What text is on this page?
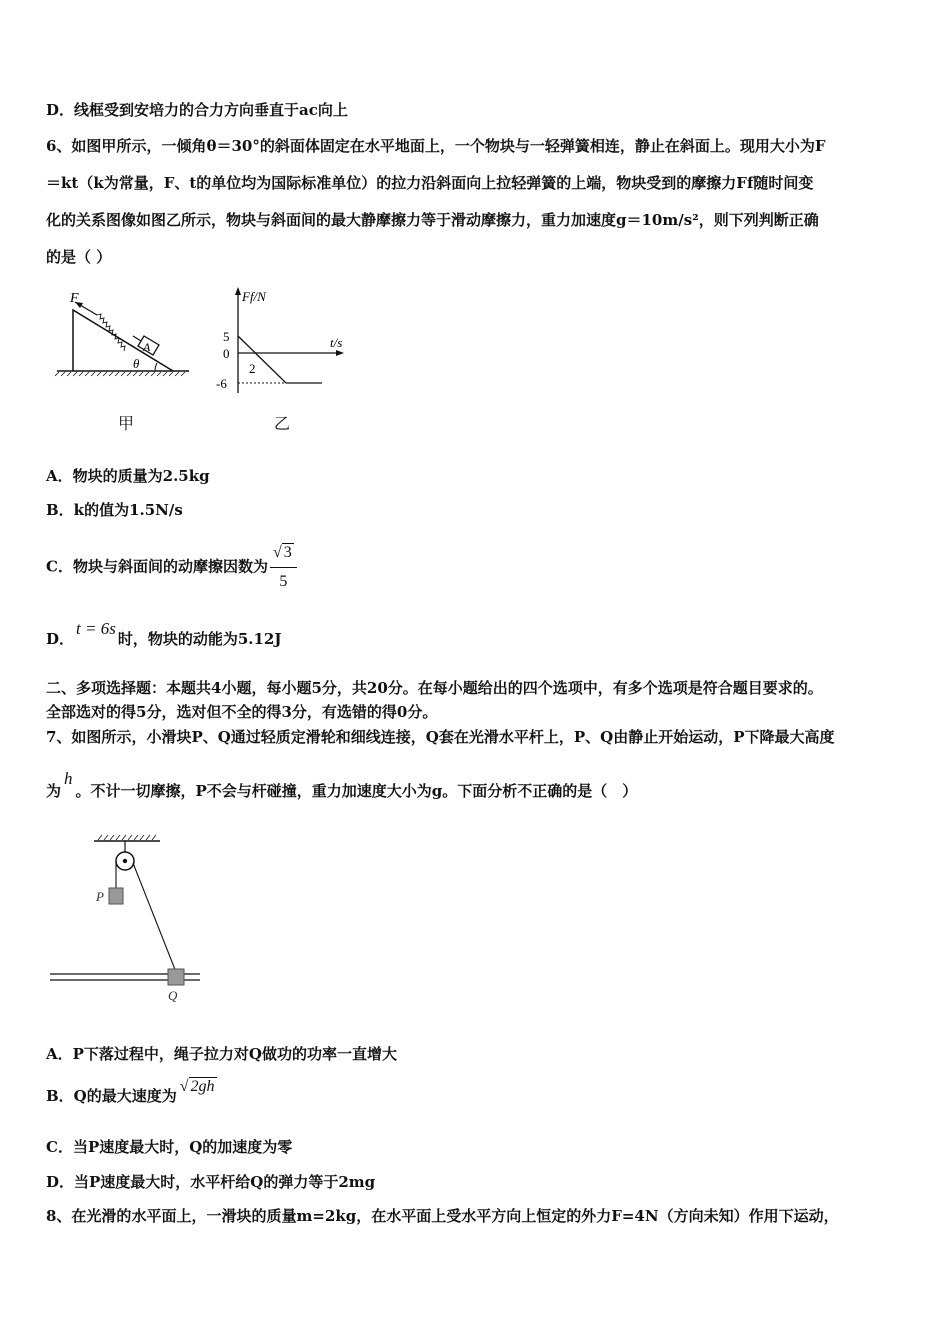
D．线框受到安培力的合力方向垂直于ac向上
6、如图甲所示，一倾角θ＝30°的斜面体固定在水平地面上，一个物块与一轻弹簧相连，静止在斜面上。现用大小为F
＝kt（k为常量，F、t的单位均为国际标准单位）的拉力沿斜面向上拉轻弹簧的上端，物块受到的摩擦力Ff随时间变
化的关系图像如图乙所示，物块与斜面间的最大静摩擦力等于滑动摩擦力，重力加速度g＝10m/s²，则下列判断正确
的是（ ）
F
A
θ
甲
Ff/N
t/s
5
0
2
-6
乙
A．物块的质量为2.5kg
B．k的值为1.5N/s
C．物块与斜面间的动摩擦因数为 $\frac{√ 3}{5}$
D．t = 6s时，物块的动能为5.12J
二、多项选择题：本题共4小题，每小题5分，共20分。在每小题给出的四个选项中，有多个选项是符合题目要求的。
全部选对的得5分，选对但不全的得3分，有选错的得0分。
7、如图所示，小滑块P、Q通过轻质定滑轮和细线连接，Q套在光滑水平杆上，P、Q由静止开始运动，P下降最大高度
为h。不计一切摩擦，P不会与杆碰撞，重力加速度大小为g。下面分析不正确的是（　）
P
Q
A．P下落过程中，绳子拉力对Q做功的功率一直增大
B．Q的最大速度为√ 2gh
C．当P速度最大时，Q的加速度为零
D．当P速度最大时，水平杆给Q的弹力等于2mg
8、在光滑的水平面上，一滑块的质量m=2kg，在水平面上受水平方向上恒定的外力F=4N（方向未知）作用下运动，
